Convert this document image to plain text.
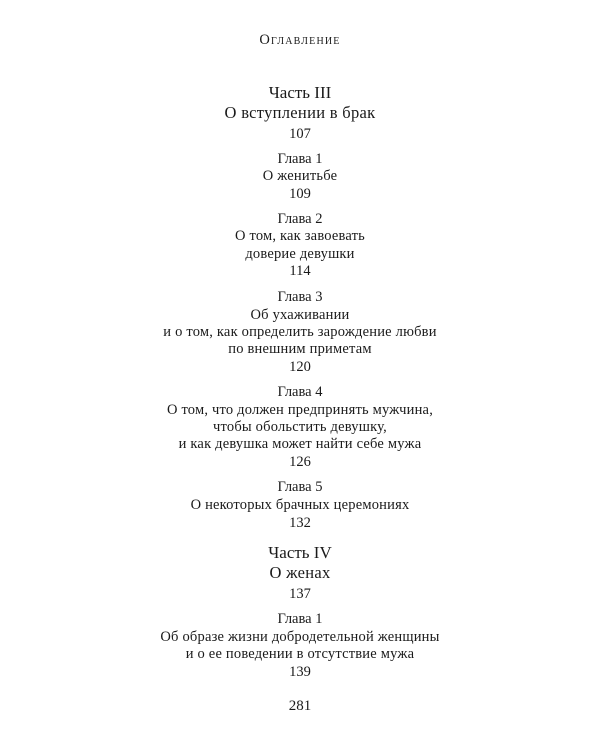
Оглавление
Часть III
О вступлении в брак
107
Глава 1
О женитьбе
109
Глава 2
О том, как завоевать
доверие девушки
114
Глава 3
Об ухаживании
и о том, как определить зарождение любви
по внешним приметам
120
Глава 4
О том, что должен предпринять мужчина,
чтобы обольстить девушку,
и как девушка может найти себе мужа
126
Глава 5
О некоторых брачных церемониях
132
Часть IV
О женах
137
Глава 1
Об образе жизни добродетельной женщины
и о ее поведении в отсутствие мужа
139
281
